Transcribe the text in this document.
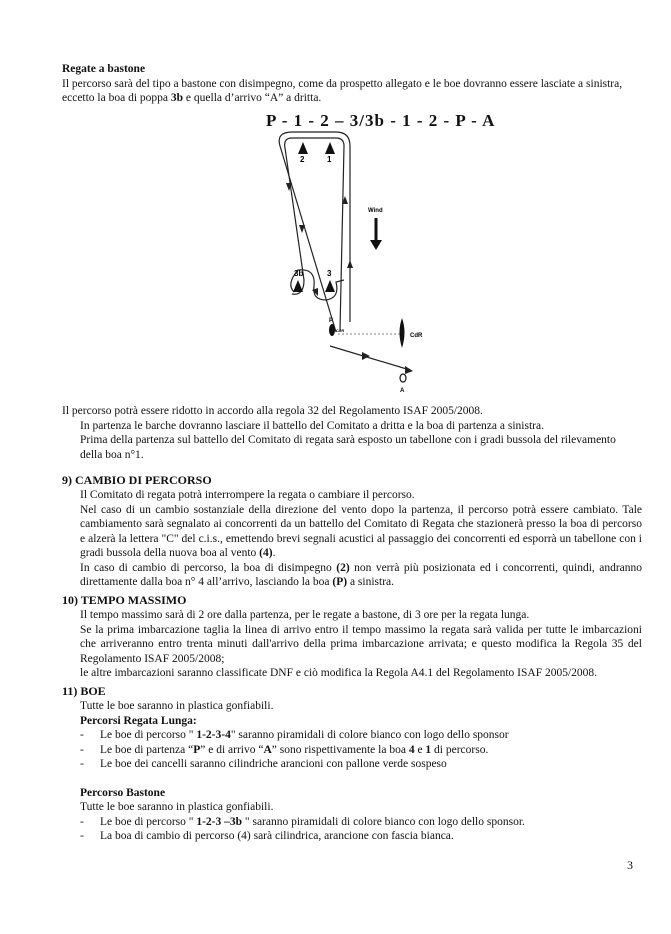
Regate a bastone

Il percorso sarà del tipo a bastone con disimpegno, come da prospetto allegato e le boe dovranno essere lasciate a sinistra,

eccetto la boa di poppa 3b e quella d’arrivo “A” a dritta.

P - 1 - 2 – 3/3b - 1 - 2 - P - A
2	1
3b	3
P
CdR
CdR
A
Wind

Il percorso potrà essere ridotto in accordo alla regola 32 del Regolamento ISAF 2005/2008.

In partenza le barche dovranno lasciare il battello del Comitato a dritta e la boa di partenza a sinistra.

Prima della partenza sul battello del Comitato di regata sarà esposto un tabellone con i gradi bussola del rilevamento

della boa n°1.

9) CAMBIO DI PERCORSO

Il Comitato di regata potrà interrompere la regata o cambiare il percorso.

Nel caso di un cambio sostanziale della direzione del vento dopo la partenza, il percorso potrà essere cambiato. Tale cambiamento sarà segnalato ai concorrenti da un battello del Comitato di Regata che stazionerà presso la boa di percorso e alzerà la lettera "C" del c.i.s., emettendo brevi segnali acustici al passaggio dei concorrenti ed esporrà un tabellone con i gradi bussola della nuova boa al vento (4).

In caso di cambio di percorso, la boa di disimpegno (2) non verrà più posizionata ed i concorrenti, quindi, andranno direttamente dalla boa n° 4 all’arrivo, lasciando la boa (P) a sinistra.

10) TEMPO MASSIMO

Il tempo massimo sarà di 2 ore dalla partenza, per le regate a bastone, di 3 ore per la regata lunga.

Se la prima imbarcazione taglia la linea di arrivo entro il tempo massimo la regata sarà valida per tutte le imbarcazioni che arriveranno entro trenta minuti dall'arrivo della prima imbarcazione arrivata; e questo modifica la Regola 35 del Regolamento ISAF 2005/2008;

le altre imbarcazioni saranno classificate DNF e ciò modifica la Regola A4.1 del Regolamento ISAF 2005/2008.

11) BOE

Tutte le boe saranno in plastica gonfiabili.

Percorsi Regata Lunga:

- Le boe di percorso " 1-2-3-4" saranno piramidali di colore bianco con logo dello sponsor
- Le boe di partenza “P” e di arrivo “A” sono rispettivamente la boa 4 e 1 di percorso.
- Le boe dei cancelli saranno cilindriche arancioni con pallone verde sospeso

Percorso Bastone

Tutte le boe saranno in plastica gonfiabili.

- Le boe di percorso " 1-2-3 –3b " saranno piramidali di colore bianco con logo dello sponsor.
- La boa di cambio di percorso (4) sarà cilindrica, arancione con fascia bianca.
3
